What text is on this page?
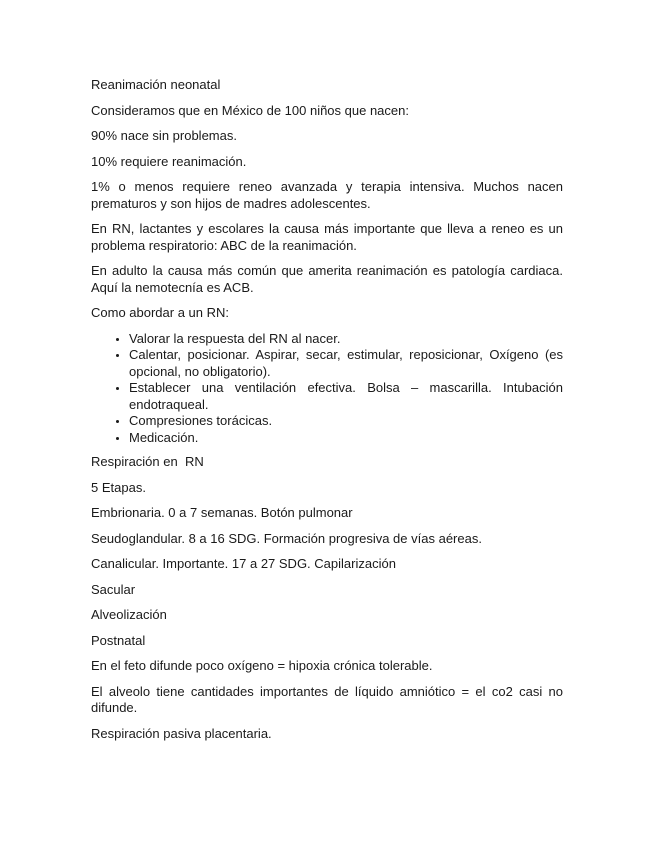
Reanimación neonatal

Consideramos que en México de 100 niños que nacen:

90% nace sin problemas.

10% requiere reanimación.

1% o menos requiere reneo avanzada y terapia intensiva. Muchos nacen prematuros y son hijos de madres adolescentes.

En RN, lactantes y escolares la causa más importante que lleva a reneo es un problema respiratorio: ABC de la reanimación.

En adulto la causa más común que amerita reanimación es patología cardiaca. Aquí la nemotecnía es ACB.

Como abordar a un RN:

• Valorar la respuesta del RN al nacer.
• Calentar, posicionar. Aspirar, secar, estimular, reposicionar, Oxígeno (es opcional, no obligatorio).
• Establecer una ventilación efectiva. Bolsa – mascarilla. Intubación endotraqueal.
• Compresiones torácicas.
• Medicación.

Respiración en  RN

5 Etapas.

Embrionaria. 0 a 7 semanas. Botón pulmonar

Seudoglandular. 8 a 16 SDG. Formación progresiva de vías aéreas.

Canalicular. Importante. 17 a 27 SDG. Capilarización

Sacular

Alveolización

Postnatal

En el feto difunde poco oxígeno = hipoxia crónica tolerable.

El alveolo tiene cantidades importantes de líquido amniótico = el co2 casi no difunde.

Respiración pasiva placentaria.
